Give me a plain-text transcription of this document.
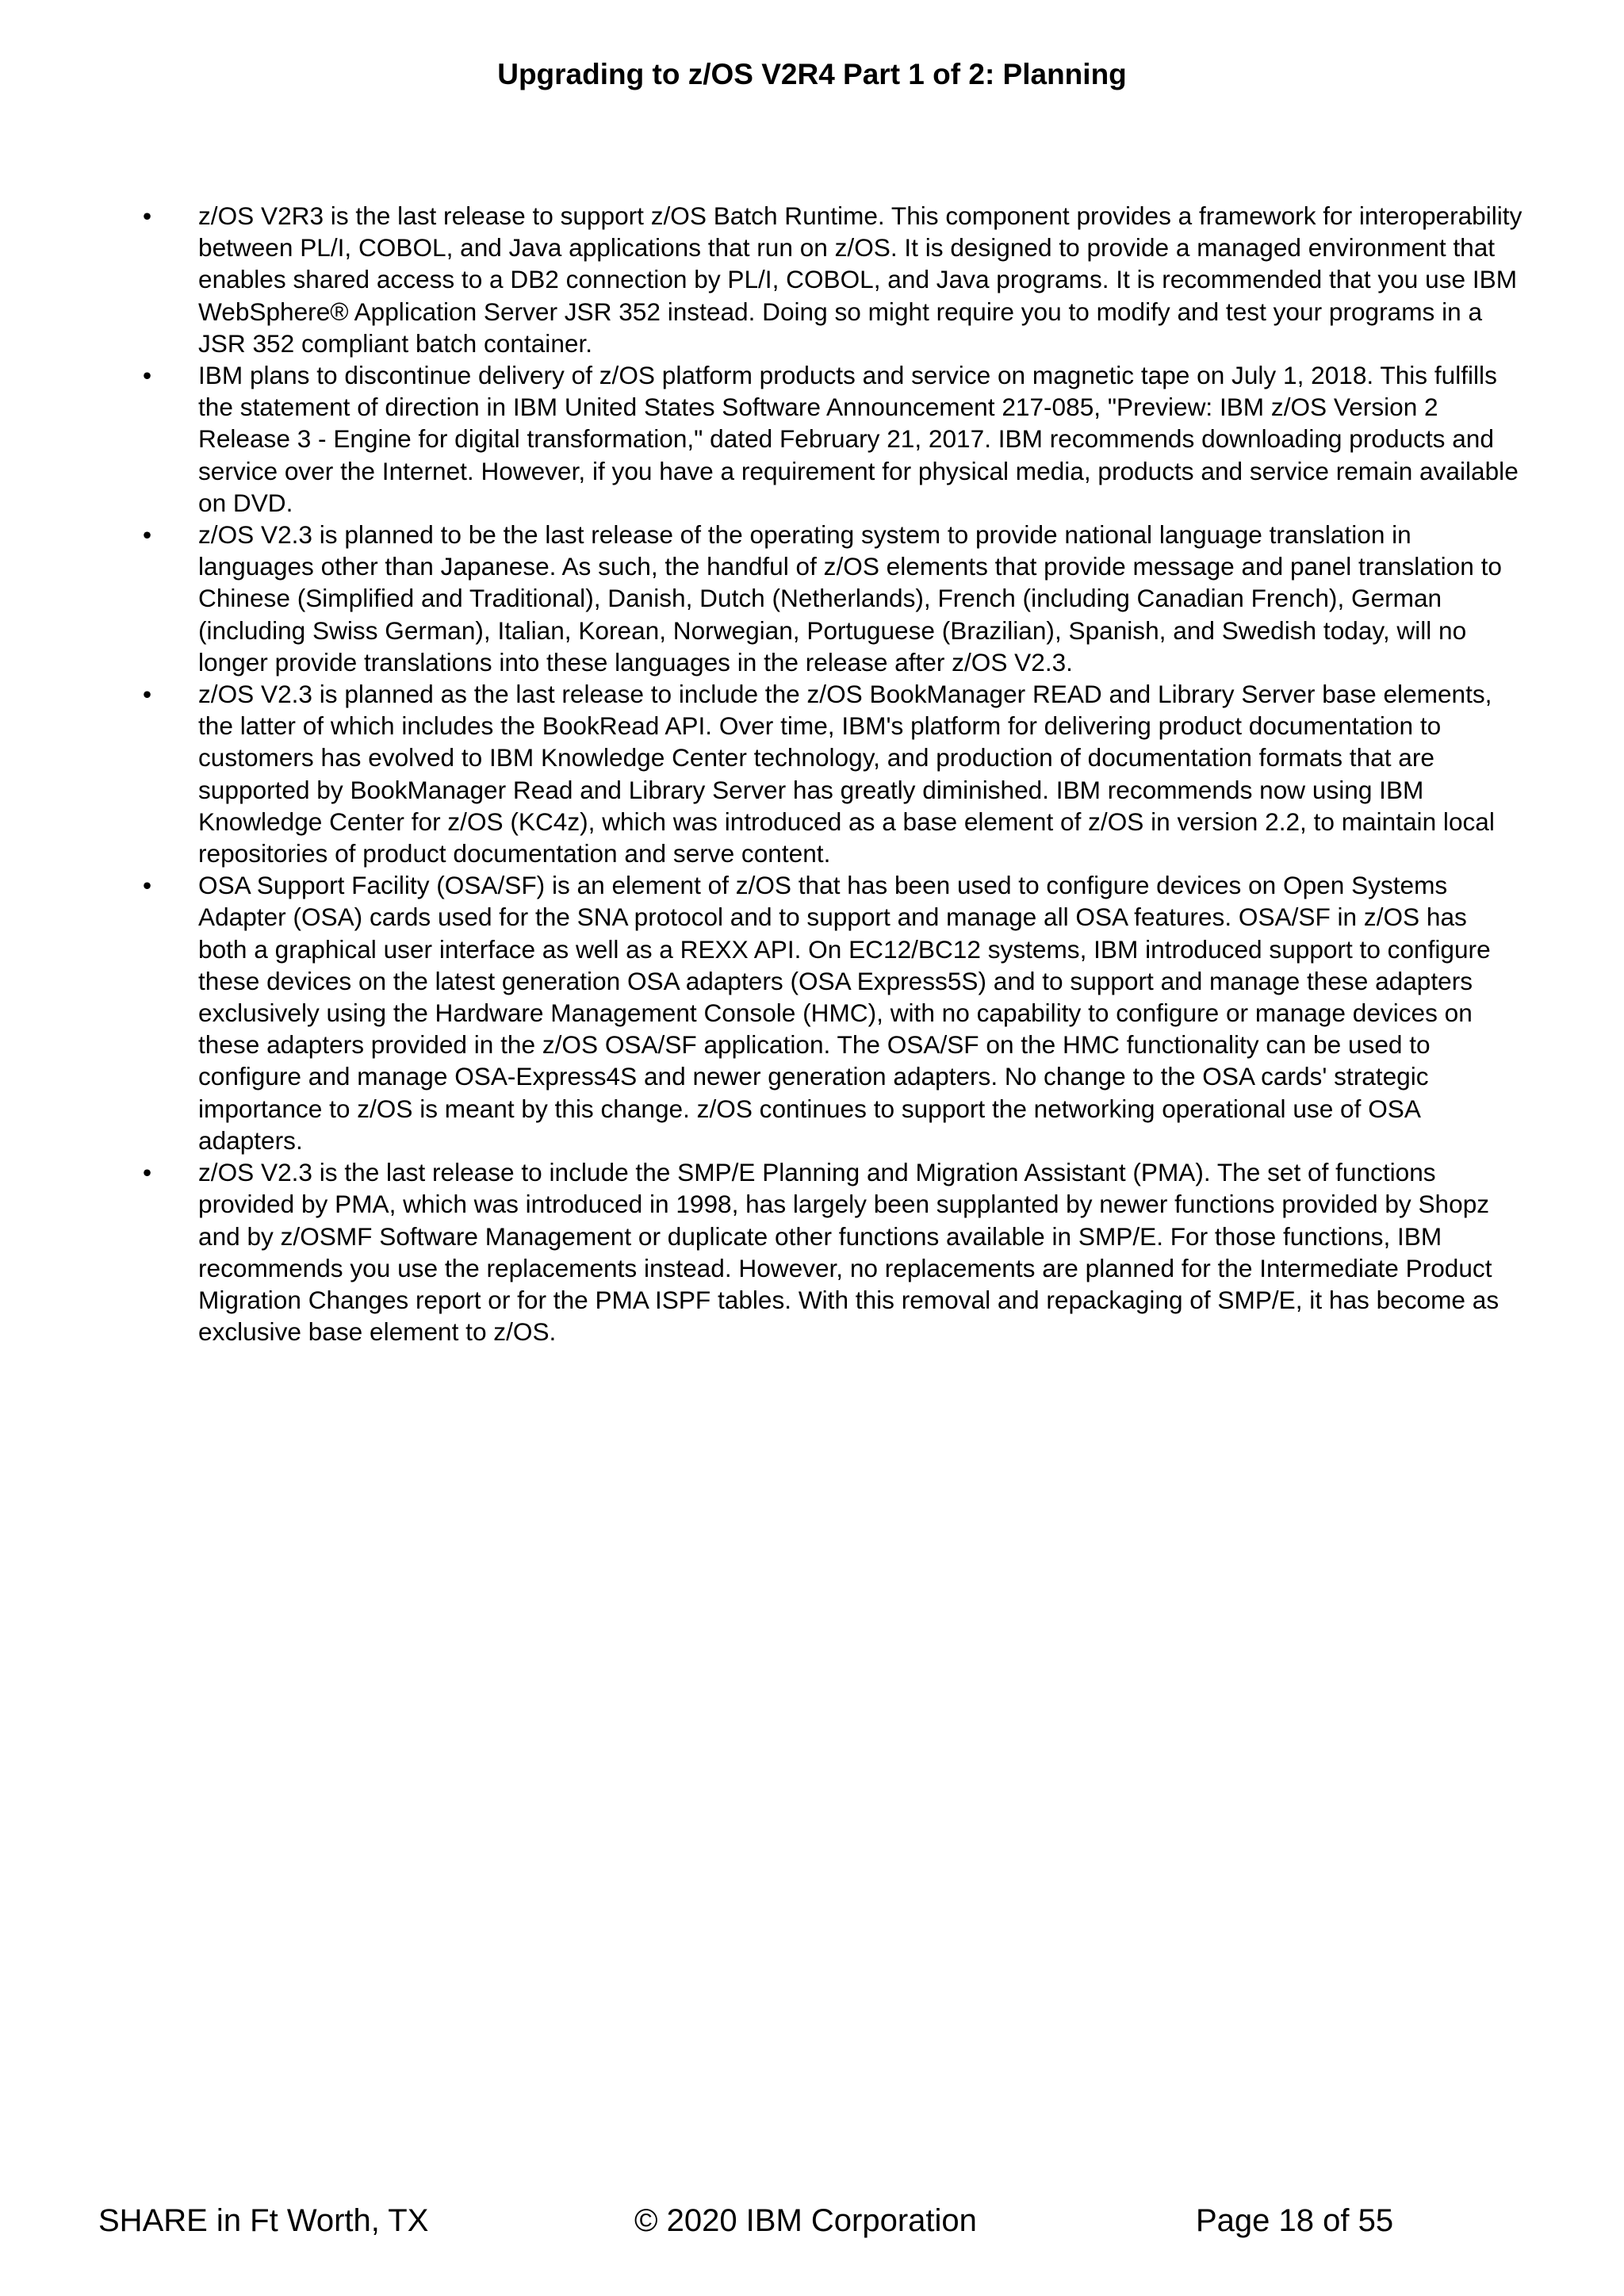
Upgrading to z/OS V2R4 Part 1 of 2: Planning
• z/OS V2R3 is the last release to support z/OS Batch Runtime. This component provides a framework for interoperability between PL/I, COBOL, and Java applications that run on z/OS. It is designed to provide a managed environment that enables shared access to a DB2 connection by PL/I, COBOL, and Java programs. It is recommended that you use IBM WebSphere® Application Server JSR 352 instead. Doing so might require you to modify and test your programs in a JSR 352 compliant batch container.
• IBM plans to discontinue delivery of z/OS platform products and service on magnetic tape on July 1, 2018. This fulfills the statement of direction in IBM United States Software Announcement 217-085, "Preview: IBM z/OS Version 2 Release 3 - Engine for digital transformation," dated February 21, 2017. IBM recommends downloading products and service over the Internet. However, if you have a requirement for physical media, products and service remain available on DVD.
• z/OS V2.3 is planned to be the last release of the operating system to provide national language translation in languages other than Japanese. As such, the handful of z/OS elements that provide message and panel translation to Chinese (Simplified and Traditional), Danish, Dutch (Netherlands), French (including Canadian French), German (including Swiss German), Italian, Korean, Norwegian, Portuguese (Brazilian), Spanish, and Swedish today, will no longer provide translations into these languages in the release after z/OS V2.3.
• z/OS V2.3 is planned as the last release to include the z/OS BookManager READ and Library Server base elements, the latter of which includes the BookRead API. Over time, IBM's platform for delivering product documentation to customers has evolved to IBM Knowledge Center technology, and production of documentation formats that are supported by BookManager Read and Library Server has greatly diminished. IBM recommends now using IBM Knowledge Center for z/OS (KC4z), which was introduced as a base element of z/OS in version 2.2, to maintain local repositories of product documentation and serve content.
• OSA Support Facility (OSA/SF) is an element of z/OS that has been used to configure devices on Open Systems Adapter (OSA) cards used for the SNA protocol and to support and manage all OSA features. OSA/SF in z/OS has both a graphical user interface as well as a REXX API. On EC12/BC12 systems, IBM introduced support to configure these devices on the latest generation OSA adapters (OSA Express5S) and to support and manage these adapters exclusively using the Hardware Management Console (HMC), with no capability to configure or manage devices on these adapters provided in the z/OS OSA/SF application. The OSA/SF on the HMC functionality can be used to configure and manage OSA-Express4S and newer generation adapters. No change to the OSA cards' strategic importance to z/OS is meant by this change. z/OS continues to support the networking operational use of OSA adapters.
• z/OS V2.3 is the last release to include the SMP/E Planning and Migration Assistant (PMA). The set of functions provided by PMA, which was introduced in 1998, has largely been supplanted by newer functions provided by Shopz and by z/OSMF Software Management or duplicate other functions available in SMP/E. For those functions, IBM recommends you use the replacements instead. However, no replacements are planned for the Intermediate Product Migration Changes report or for the PMA ISPF tables. With this removal and repackaging of SMP/E, it has become as exclusive base element to z/OS.
SHARE in Ft Worth, TX	© 2020 IBM Corporation	Page 18 of 55
